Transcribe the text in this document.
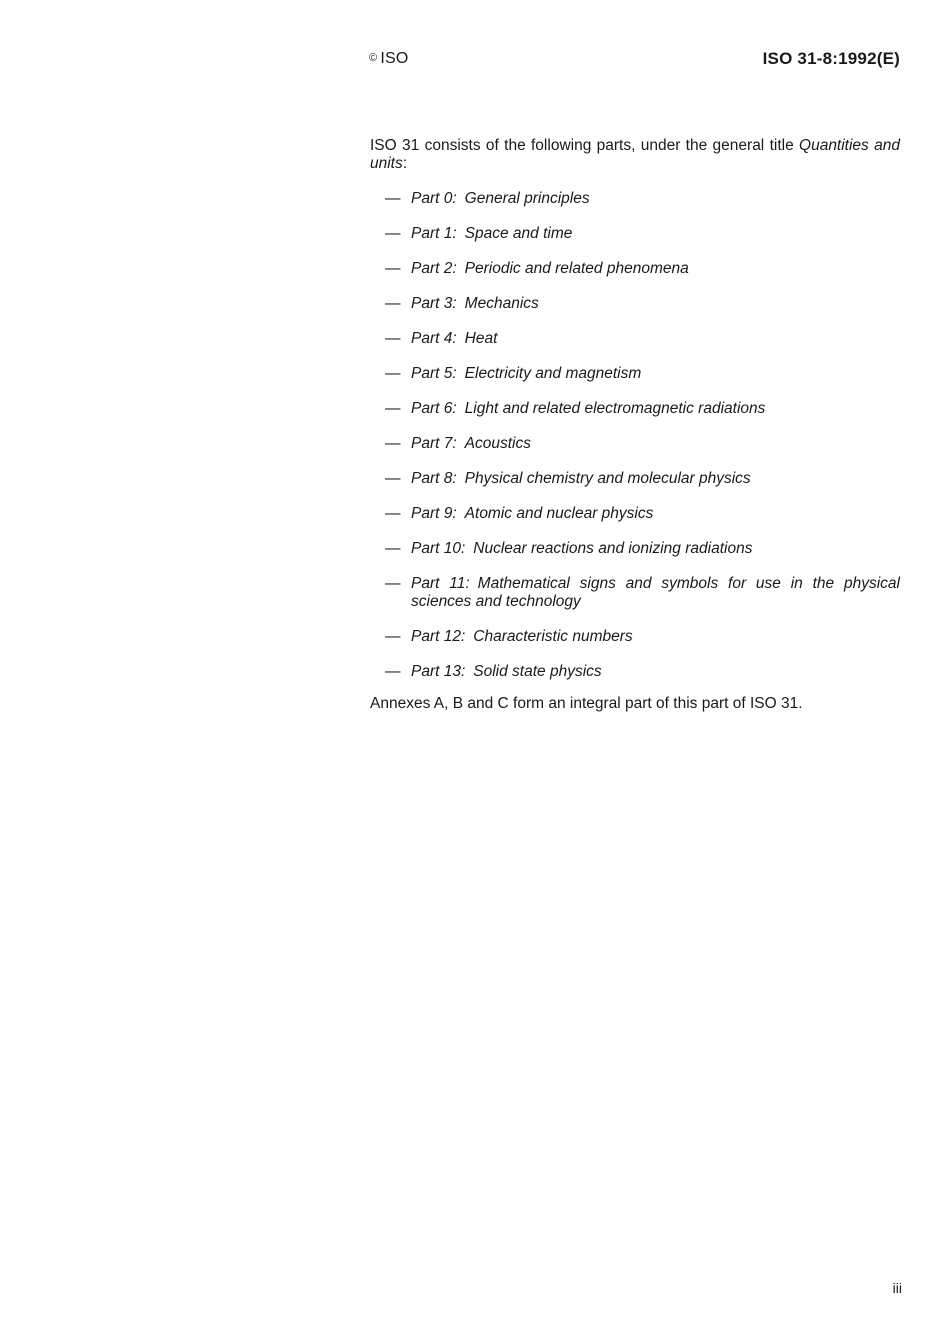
© ISO	ISO 31-8:1992(E)

ISO 31 consists of the following parts, under the general title Quantities and units:

— Part 0: General principles
— Part 1: Space and time
— Part 2: Periodic and related phenomena
— Part 3: Mechanics
— Part 4: Heat
— Part 5: Electricity and magnetism
— Part 6: Light and related electromagnetic radiations
— Part 7: Acoustics
— Part 8: Physical chemistry and molecular physics
— Part 9: Atomic and nuclear physics
— Part 10: Nuclear reactions and ionizing radiations
— Part 11: Mathematical signs and symbols for use in the physical sciences and technology
— Part 12: Characteristic numbers
— Part 13: Solid state physics

Annexes A, B and C form an integral part of this part of ISO 31.

iii
